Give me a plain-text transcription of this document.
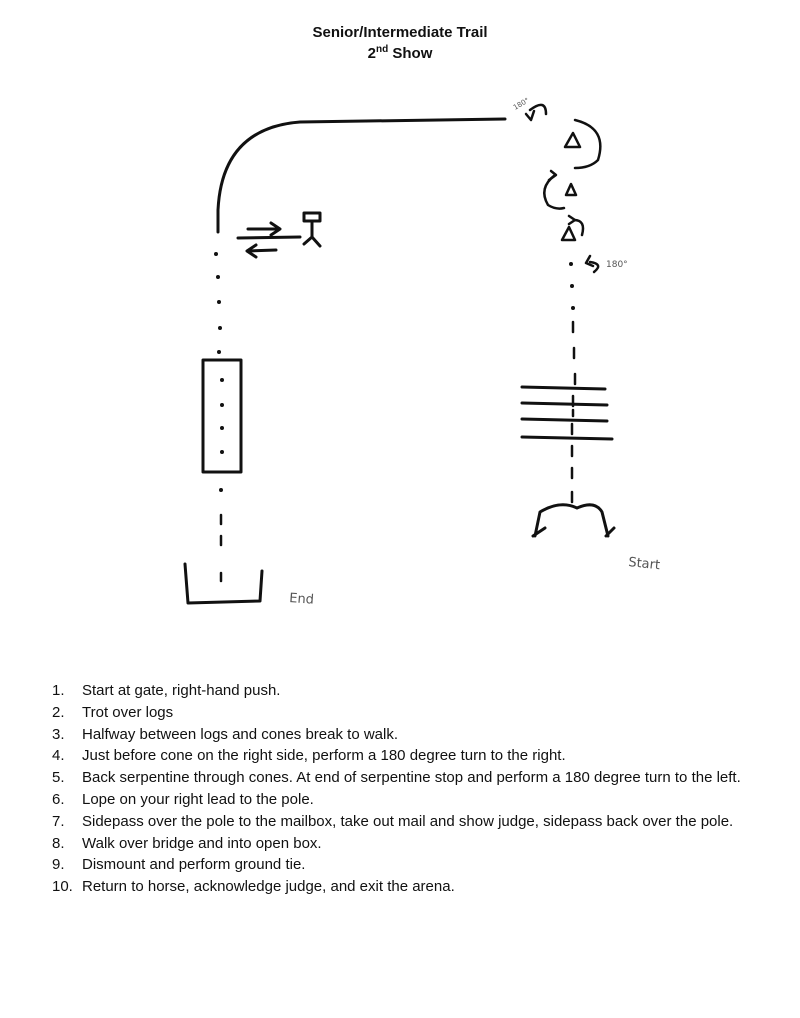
Senior/Intermediate Trail
2nd Show
End
Start
180°
180°
1.	Start at gate, right-hand push.
2.	Trot over logs
3.	Halfway between logs and cones break to walk.
4.	Just before cone on the right side, perform a 180 degree turn to the right.
5.	Back serpentine through cones. At end of serpentine stop and perform a 180 degree turn to the left.
6.	Lope on your right lead to the pole.
7.	Sidepass over the pole to the mailbox, take out mail and show judge, sidepass back over the pole.
8.	Walk over bridge and into open box.
9.	Dismount and perform ground tie.
10. Return to horse, acknowledge judge, and exit the arena.
